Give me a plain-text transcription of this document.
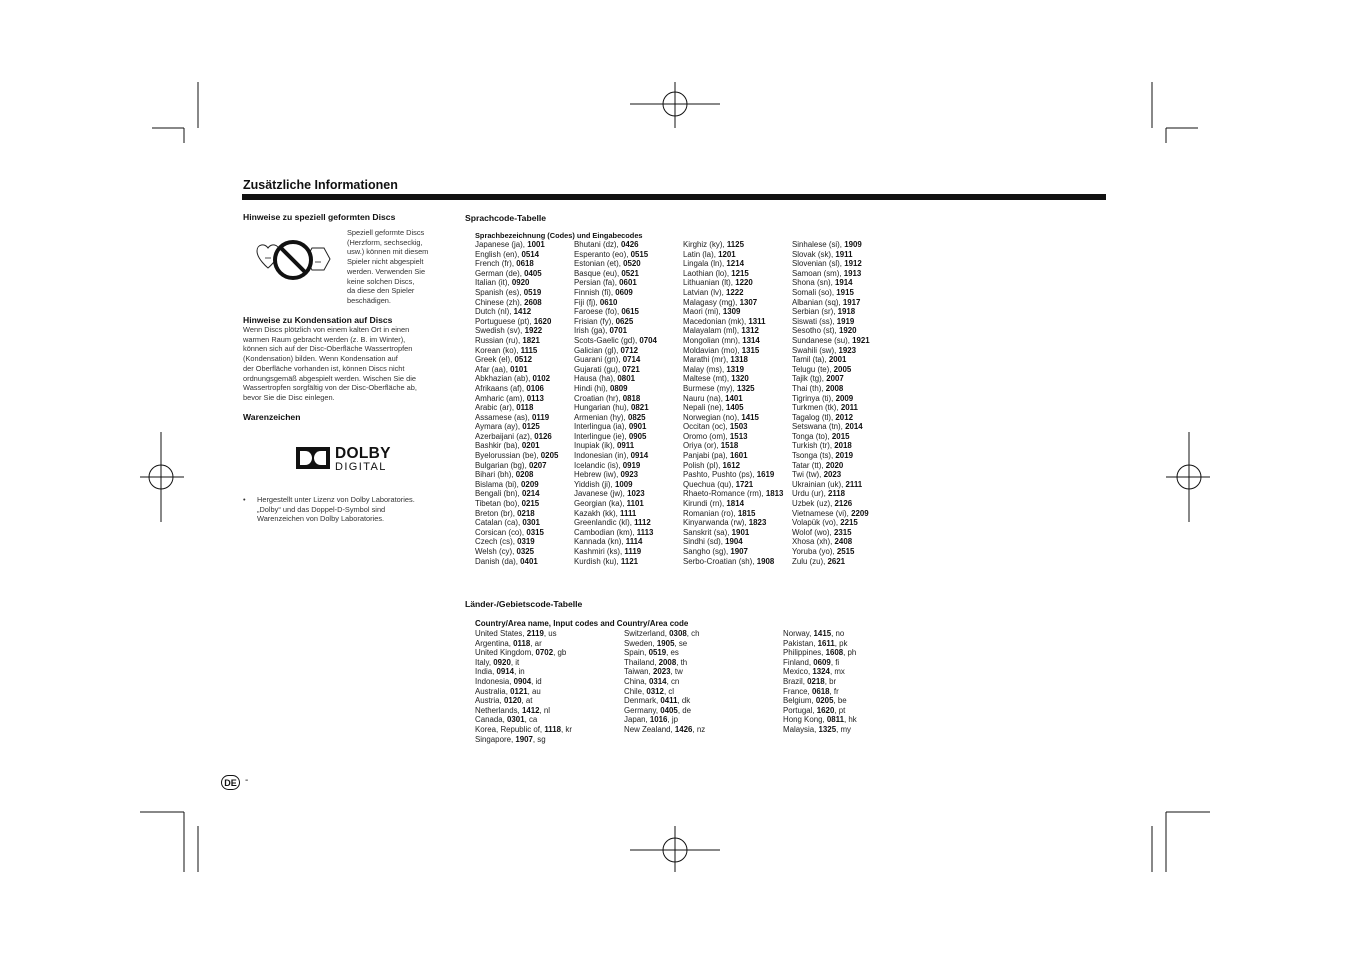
Zusätzliche Informationen
Hinweise zu speziell geformten Discs
Speziell geformte Discs
(Herzform, sechseckig,
usw.) können mit diesem
Spieler nicht abgespielt
werden. Verwenden Sie
keine solchen Discs,
da diese den Spieler
beschädigen.
Hinweise zu Kondensation auf Discs
Wenn Discs plötzlich von einem kalten Ort in einen
warmen Raum gebracht werden (z. B. im Winter),
können sich auf der Disc-Oberfläche Wassertropfen
(Kondensation) bilden. Wenn Kondensation auf
der Oberfläche vorhanden ist, können Discs nicht
ordnungsgemäß abgespielt werden. Wischen Sie die
Wassertropfen sorgfältig von der Disc-Oberfläche ab,
bevor Sie die Disc einlegen.
Warenzeichen
DOLBY
DIGITAL
• Hergestellt unter Lizenz von Dolby Laboratories.
„Dolby“ und das Doppel-D-Symbol sind
Warenzeichen von Dolby Laboratories.
Sprachcode-Tabelle
Sprachbezeichnung (Codes) und Eingabecodes
Japanese (ja), 1001
English (en), 0514
French (fr), 0618
German (de), 0405
Italian (it), 0920
Spanish (es), 0519
Chinese (zh), 2608
Dutch (nl), 1412
Portuguese (pt), 1620
Swedish (sv), 1922
Russian (ru), 1821
Korean (ko), 1115
Greek (el), 0512
Afar (aa), 0101
Abkhazian (ab), 0102
Afrikaans (af), 0106
Amharic (am), 0113
Arabic (ar), 0118
Assamese (as), 0119
Aymara (ay), 0125
Azerbaijani (az), 0126
Bashkir (ba), 0201
Byelorussian (be), 0205
Bulgarian (bg), 0207
Bihari (bh), 0208
Bislama (bi), 0209
Bengali (bn), 0214
Tibetan (bo), 0215
Breton (br), 0218
Catalan (ca), 0301
Corsican (co), 0315
Czech (cs), 0319
Welsh (cy), 0325
Danish (da), 0401
Bhutani (dz), 0426
Esperanto (eo), 0515
Estonian (et), 0520
Basque (eu), 0521
Persian (fa), 0601
Finnish (fi), 0609
Fiji (fj), 0610
Faroese (fo), 0615
Frisian (fy), 0625
Irish (ga), 0701
Scots-Gaelic (gd), 0704
Galician (gl), 0712
Guarani (gn), 0714
Gujarati (gu), 0721
Hausa (ha), 0801
Hindi (hi), 0809
Croatian (hr), 0818
Hungarian (hu), 0821
Armenian (hy), 0825
Interlingua (ia), 0901
Interlingue (ie), 0905
Inupiak (ik), 0911
Indonesian (in), 0914
Icelandic (is), 0919
Hebrew (iw), 0923
Yiddish (ji), 1009
Javanese (jw), 1023
Georgian (ka), 1101
Kazakh (kk), 1111
Greenlandic (kl), 1112
Cambodian (km), 1113
Kannada (kn), 1114
Kashmiri (ks), 1119
Kurdish (ku), 1121
Kirghiz (ky), 1125
Latin (la), 1201
Lingala (ln), 1214
Laothian (lo), 1215
Lithuanian (lt), 1220
Latvian (lv), 1222
Malagasy (mg), 1307
Maori (mi), 1309
Macedonian (mk), 1311
Malayalam (ml), 1312
Mongolian (mn), 1314
Moldavian (mo), 1315
Marathi (mr), 1318
Malay (ms), 1319
Maltese (mt), 1320
Burmese (my), 1325
Nauru (na), 1401
Nepali (ne), 1405
Norwegian (no), 1415
Occitan (oc), 1503
Oromo (om), 1513
Oriya (or), 1518
Panjabi (pa), 1601
Polish (pl), 1612
Pashto, Pushto (ps), 1619
Quechua (qu), 1721
Rhaeto-Romance (rm), 1813
Kirundi (rn), 1814
Romanian (ro), 1815
Kinyarwanda (rw), 1823
Sanskrit (sa), 1901
Sindhi (sd), 1904
Sangho (sg), 1907
Serbo-Croatian (sh), 1908
Sinhalese (si), 1909
Slovak (sk), 1911
Slovenian (sl), 1912
Samoan (sm), 1913
Shona (sn), 1914
Somali (so), 1915
Albanian (sq), 1917
Serbian (sr), 1918
Siswati (ss), 1919
Sesotho (st), 1920
Sundanese (su), 1921
Swahili (sw), 1923
Tamil (ta), 2001
Telugu (te), 2005
Tajik (tg), 2007
Thai (th), 2008
Tigrinya (ti), 2009
Turkmen (tk), 2011
Tagalog (tl), 2012
Setswana (tn), 2014
Tonga (to), 2015
Turkish (tr), 2018
Tsonga (ts), 2019
Tatar (tt), 2020
Twi (tw), 2023
Ukrainian (uk), 2111
Urdu (ur), 2118
Uzbek (uz), 2126
Vietnamese (vi), 2209
Volapük (vo), 2215
Wolof (wo), 2315
Xhosa (xh), 2408
Yoruba (yo), 2515
Zulu (zu), 2621
Länder-/Gebietscode-Tabelle
Country/Area name, Input codes and Country/Area code
United States, 2119, us
Argentina, 0118, ar
United Kingdom, 0702, gb
Italy, 0920, it
India, 0914, in
Indonesia, 0904, id
Australia, 0121, au
Austria, 0120, at
Netherlands, 1412, nl
Canada, 0301, ca
Korea, Republic of, 1118, kr
Singapore, 1907, sg
Switzerland, 0308, ch
Sweden, 1905, se
Spain, 0519, es
Thailand, 2008, th
Taiwan, 2023, tw
China, 0314, cn
Chile, 0312, cl
Denmark, 0411, dk
Germany, 0405, de
Japan, 1016, jp
New Zealand, 1426, nz
Norway, 1415, no
Pakistan, 1611, pk
Philippines, 1608, ph
Finland, 0609, fi
Mexico, 1324, mx
Brazil, 0218, br
France, 0618, fr
Belgium, 0205, be
Portugal, 1620, pt
Hong Kong, 0811, hk
Malaysia, 1325, my
DE -
